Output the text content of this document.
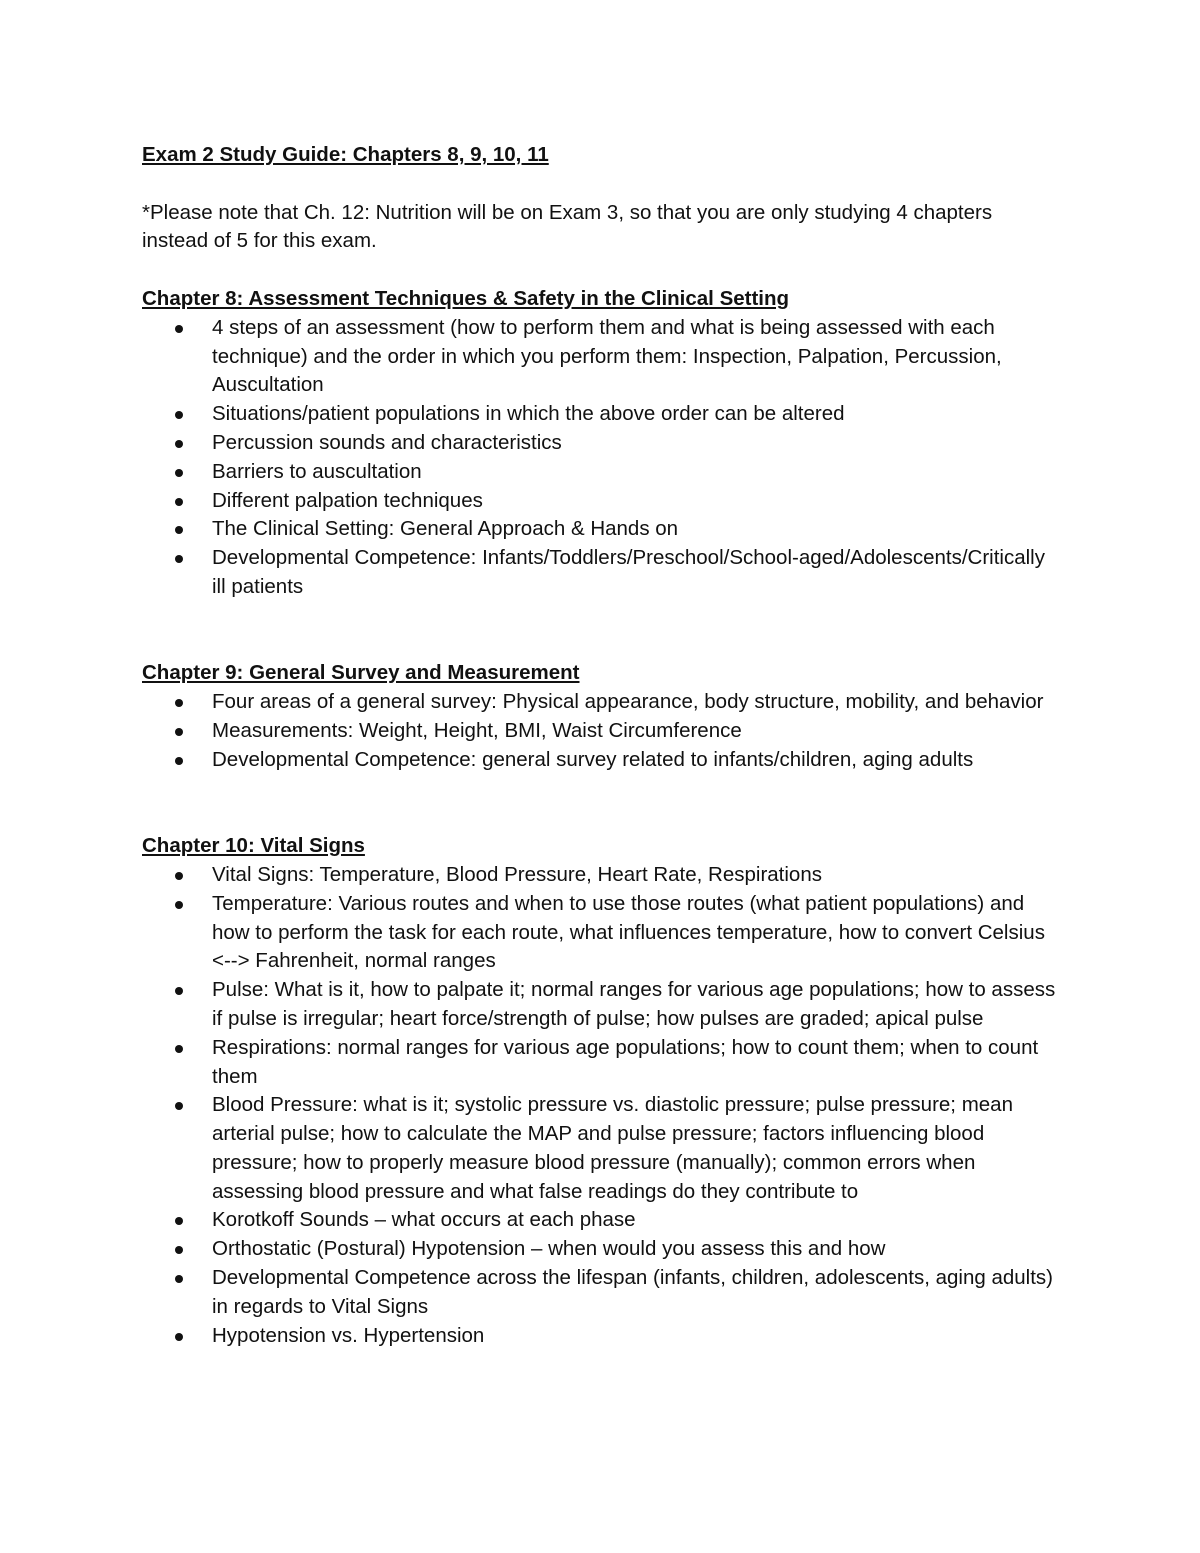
Exam 2 Study Guide: Chapters 8, 9, 10, 11

*Please note that Ch. 12: Nutrition will be on Exam 3, so that you are only studying 4 chapters instead of 5 for this exam.

Chapter 8: Assessment Techniques & Safety in the Clinical Setting

4 steps of an assessment (how to perform them and what is being assessed with each technique) and the order in which you perform them: Inspection, Palpation, Percussion, Auscultation
Situations/patient populations in which the above order can be altered
Percussion sounds and characteristics
Barriers to auscultation
Different palpation techniques
The Clinical Setting: General Approach & Hands on
Developmental Competence: Infants/Toddlers/Preschool/School-aged/Adolescents/Critically ill patients

Chapter 9: General Survey and Measurement

Four areas of a general survey: Physical appearance, body structure, mobility, and behavior
Measurements: Weight, Height, BMI, Waist Circumference
Developmental Competence: general survey related to infants/children, aging adults

Chapter 10: Vital Signs

Vital Signs: Temperature, Blood Pressure, Heart Rate, Respirations
Temperature: Various routes and when to use those routes (what patient populations) and how to perform the task for each route, what influences temperature, how to convert Celsius <--> Fahrenheit, normal ranges
Pulse: What is it, how to palpate it; normal ranges for various age populations; how to assess if pulse is irregular; heart force/strength of pulse; how pulses are graded; apical pulse
Respirations: normal ranges for various age populations; how to count them; when to count them
Blood Pressure: what is it; systolic pressure vs. diastolic pressure; pulse pressure; mean arterial pulse; how to calculate the MAP and pulse pressure; factors influencing blood pressure; how to properly measure blood pressure (manually); common errors when assessing blood pressure and what false readings do they contribute to
Korotkoff Sounds – what occurs at each phase
Orthostatic (Postural) Hypotension – when would you assess this and how
Developmental Competence across the lifespan (infants, children, adolescents, aging adults) in regards to Vital Signs
Hypotension vs. Hypertension
